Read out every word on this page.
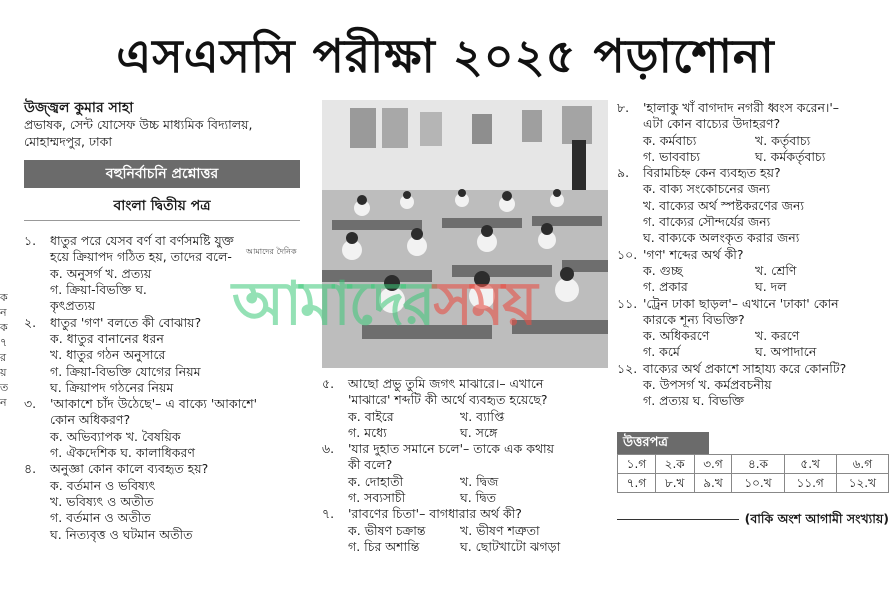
এসএসসি পরীক্ষা ২০২৫ পড়াশোনা
ক
ন
ক
৭
র
য়
ত
ন
উজ্জ্বল কুমার সাহা
প্রভাষক, সেন্ট যোসেফ উচ্চ মাধ্যমিক বিদ্যালয়,
মোহাম্মদপুর, ঢাকা
বহুনির্বাচনি প্রশ্নোত্তর
বাংলা দ্বিতীয় পত্র
১.	ধাতুর পরে যেসব বর্ণ বা বর্ণসমষ্টি যুক্ত
হয়ে ক্রিয়াপদ গঠিত হয়, তাদের বলে-
ক. অনুসর্গ খ. প্রত্যয়
গ. ক্রিয়া-বিভক্তি ঘ. কৃৎপ্রত্যয়
২.	ধাতুর 'গণ' বলতে কী বোঝায়?
ক. ধাতুর বানানের ধরন
খ. ধাতুর গঠন অনুসারে
গ. ক্রিয়া-বিভক্তি যোগের নিয়ম
ঘ. ক্রিয়াপদ গঠনের নিয়ম
৩.	'আকাশে চাঁদ উঠেছে'– এ বাক্যে 'আকাশে'
কোন অধিকরণ?
ক. অভিব্যাপক খ. বৈষয়িক
গ. ঐকদেশিক ঘ. কালাধিকরণ
৪.	অনুজ্ঞা কোন কালে ব্যবহৃত হয়?
ক. বর্তমান ও ভবিষ্যৎ
খ. ভবিষ্যৎ ও অতীত
গ. বর্তমান ও অতীত
ঘ. নিত্যবৃত্ত ও ঘটমান অতীত
আমাদের দৈনিক
৫.	আছো প্রভু তুমি জগৎ মাঝারে।– এখানে
'মাঝারে' শব্দটি কী অর্থে ব্যবহৃত হয়েছে?
ক. বাইরে	খ. ব্যাপ্তি
গ. মধ্যে	ঘ. সঙ্গে
৬.	'যার দুহাত সমানে চলে'– তাকে এক কথায়
কী বলে?
ক. দোহাতী	খ. দ্বিজ
গ. সব্যসাচী	ঘ. দ্বিত
৭.	'রাবণের চিতা'– বাগধারার অর্থ কী?
ক. ভীষণ চক্রান্ত	খ. ভীষণ শত্রুতা
গ. চির অশান্তি	ঘ. ছোটখাটো ঝগড়া
৮.	'হালাকু খাঁ বাগদাদ নগরী ধ্বংস করেন।'–
এটা কোন বাচ্যের উদাহরণ?
ক. কর্মবাচ্য	খ. কর্তৃবাচ্য
গ. ভাববাচ্য	ঘ. কর্মকর্তৃবাচ্য
৯.	বিরামচিহ্ন কেন ব্যবহৃত হয়?
ক. বাক্য সংকোচনের জন্য
খ. বাক্যের অর্থ স্পষ্টকরণের জন্য
গ. বাক্যের সৌন্দর্যের জন্য
ঘ. বাক্যকে অলংকৃত করার জন্য
১০. 'গণ' শব্দের অর্থ কী?
ক. গুচ্ছ	খ. শ্রেণি
গ. প্রকার	ঘ. দল
১১. 'ট্রেন ঢাকা ছাড়ল'– এখানে 'ঢাকা' কোন
কারকে শূন্য বিভক্তি?
ক. অধিকরণে	খ. করণে
গ. কর্মে	ঘ. অপাদানে
১২. বাক্যের অর্থ প্রকাশে সাহায্য করে কোনটি?
ক. উপসর্গ খ. কর্মপ্রবচনীয়
গ. প্রত্যয় ঘ. বিভক্তি
উত্তরপত্র
১.গ	২.ক	৩.গ	৪.ক	৫.খ	৬.গ
৭.গ	৮.খ	৯.খ	১০.খ	১১.গ	১২.খ
(বাকি অংশ আগামী সংখ্যায়)
আমাদেরসময়
